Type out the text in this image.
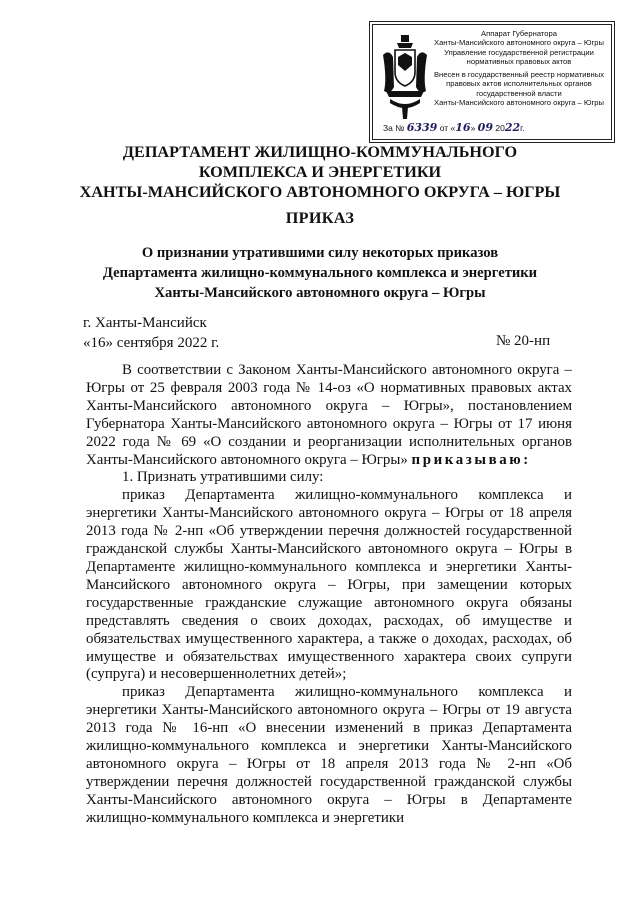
Аппарат Губернатора
Ханты-Мансийского автономного округа – Югры
Управление государственной регистрации
нормативных правовых актов
Внесен в государственный реестр нормативных
правовых актов исполнительных органов
государственной власти
Ханты-Мансийского автономного округа – Югры
За № 6339 от «16» 09 2022г.
ДЕПАРТАМЕНТ ЖИЛИЩНО-КОММУНАЛЬНОГО
КОМПЛЕКСА И ЭНЕРГЕТИКИ
ХАНТЫ-МАНСИЙСКОГО АВТОНОМНОГО ОКРУГА – ЮГРЫ
ПРИКАЗ
О признании утратившими силу некоторых приказов
Департамента жилищно-коммунального комплекса и энергетики
Ханты-Мансийского автономного округа – Югры
г. Ханты-Мансийск
«16» сентября 2022 г.	№ 20-нп

В соответствии с Законом Ханты-Мансийского автономного округа – Югры от 25 февраля 2003 года № 14-оз «О нормативных правовых актах Ханты-Мансийского автономного округа – Югры», постановлением Губернатора Ханты-Мансийского автономного округа – Югры от 17 июня 2022 года № 69 «О создании и реорганизации исполнительных органов Ханты-Мансийского автономного округа – Югры» приказываю:

1. Признать утратившими силу:

приказ Департамента жилищно-коммунального комплекса и энергетики Ханты-Мансийского автономного округа – Югры от 18 апреля 2013 года № 2-нп «Об утверждении перечня должностей государственной гражданской службы Ханты-Мансийского автономного округа – Югры в Департаменте жилищно-коммунального комплекса и энергетики Ханты-Мансийского автономного округа – Югры, при замещении которых государственные гражданские служащие автономного округа обязаны представлять сведения о своих доходах, расходах, об имуществе и обязательствах имущественного характера, а также о доходах, расходах, об имуществе и обязательствах имущественного характера своих супруги (супруга) и несовершеннолетних детей»;

приказ Департамента жилищно-коммунального комплекса и энергетики Ханты-Мансийского автономного округа – Югры от 19 августа 2013 года № 16-нп «О внесении изменений в приказ Департамента жилищно-коммунального комплекса и энергетики Ханты-Мансийского автономного округа – Югры от 18 апреля 2013 года № 2-нп «Об утверждении перечня должностей государственной гражданской службы Ханты-Мансийского автономного округа – Югры в Департаменте жилищно-коммунального комплекса и энергетики
